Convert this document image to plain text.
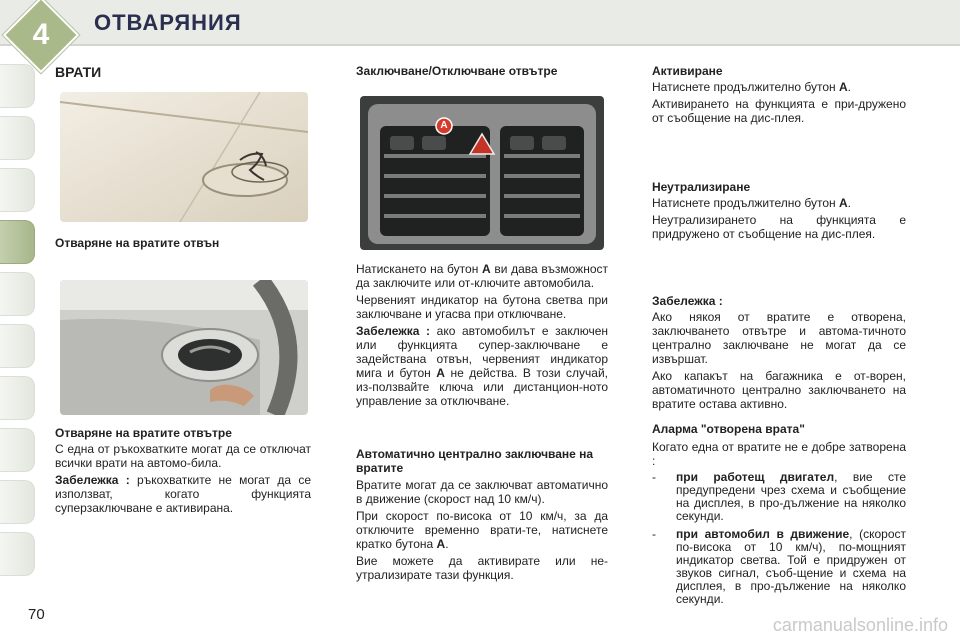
4	ОТВАРЯНИЯ
ВРАТИ
Отваряне на вратите отвън
Отваряне на вратите отвътре

С една от ръкохватките могат да се отключат всички врати на автомо-била.

Забележка : ръкохватките не могат да се използват, когато функцията суперзаключване е активирана.

Заключване/Отключване отвътре
A

Натискането на бутон A ви дава възможност да заключите или от-ключите автомобила.

Червеният индикатор на бутона светва при заключване и угасва при отключване.

Забележка : ако автомобилът е заключен или функцията супер-заключване е задействана отвън, червеният индикатор мига и бутон A не действа. В този случай, из-ползвайте ключа или дистанцион-ното управление за отключване.

Автоматично централно заключване на вратите

Вратите могат да се заключват автоматично в движение (скорост над 10 км/ч).

При скорост по-висока от 10 км/ч, за да отключите временно врати-те, натиснете кратко бутона A.

Вие можете да активирате или не-утрализирате тази функция.

Активиране

Натиснете продължително бутон A.

Активирането на функцията е при-дружено от съобщение на дис-плея.

Неутрализиране

Натиснете продължително бутон A.

Неутрализирането на функцията е придружено от съобщение на дис-плея.

Забележка :

Ако някоя от вратите е отворена, заключването отвътре и автома-тичното централно заключване не могат да се извършат.

Ако капакът на багажника е от-ворен, автоматичното централно заключването на вратите остава активно.

Аларма "отворена врата"

Когато една от вратите не е добре затворена :

-	при работещ двигател, вие сте предупредени чрез схема и съобщение на дисплея, в про-дължение на няколко секунди.
-	при автомобил в движение, (скорост по-висока от 10 км/ч), по-мощният индикатор светва. Той е придружен от звуков сигнал, съоб-щение и схема на дисплея, в про-дължение на няколко секунди.
70
carmanualsonline.info
